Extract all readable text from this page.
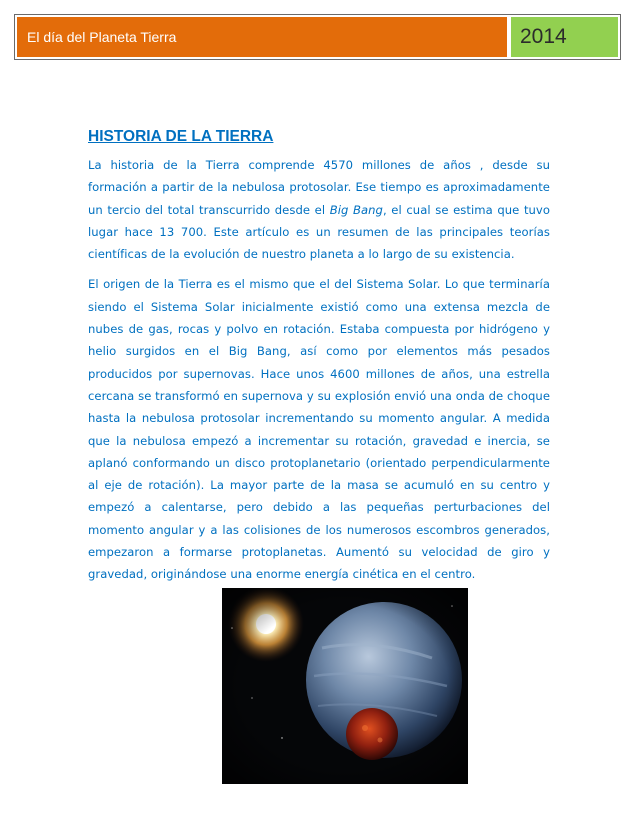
El día del Planeta Tierra	2014
HISTORIA DE LA TIERRA

La historia de la Tierra comprende 4570 millones de años , desde su formación a partir de la nebulosa protosolar. Ese tiempo es aproximadamente un tercio del total transcurrido desde el Big Bang, el cual se estima que tuvo lugar hace 13 700. Este artículo es un resumen de las principales teorías científicas de la evolución de nuestro planeta a lo largo de su existencia.

El origen de la Tierra es el mismo que el del Sistema Solar. Lo que terminaría siendo el Sistema Solar inicialmente existió como una extensa mezcla de nubes de gas, rocas y polvo en rotación. Estaba compuesta por hidrógeno y helio surgidos en el Big Bang, así como por elementos más pesados producidos por supernovas. Hace unos 4600 millones de años, una estrella cercana se transformó en supernova y su explosión envió una onda de choque hasta la nebulosa protosolar incrementando su momento angular. A medida que la nebulosa empezó a incrementar su rotación, gravedad e inercia, se aplanó conformando un disco protoplanetario (orientado perpendicularmente al eje de rotación). La mayor parte de la masa se acumuló en su centro y empezó a calentarse, pero debido a las pequeñas perturbaciones del momento angular y a las colisiones de los numerosos escombros generados, empezaron a formarse protoplanetas. Aumentó su velocidad de giro y gravedad, originándose una enorme energía cinética en el centro.
